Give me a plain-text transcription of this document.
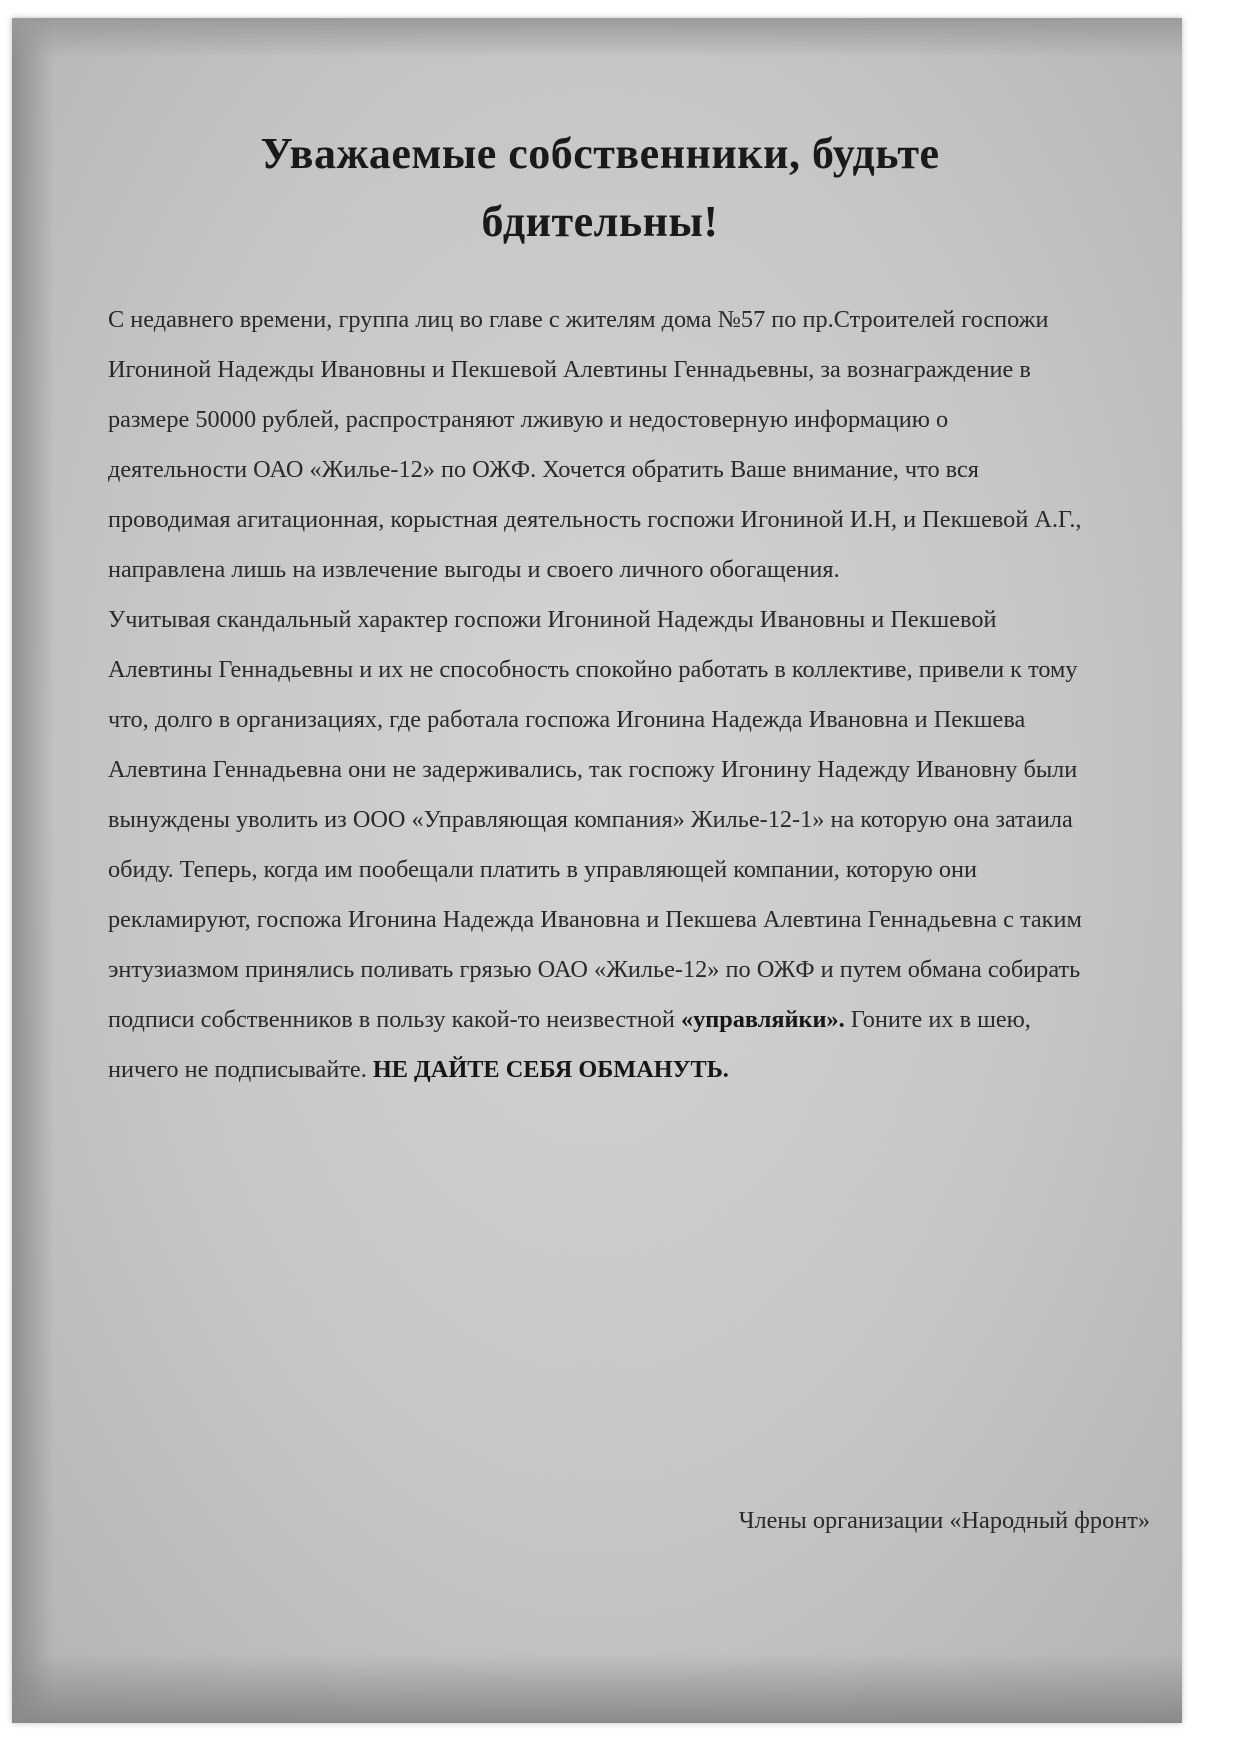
Уважаемые собственники, будьте
бдительны!

С недавнего времени, группа лиц во главе с жителям дома №57 по пр.Строителей госпожи Игониной Надежды Ивановны и Пекшевой Алевтины Геннадьевны, за вознаграждение в размере 50000 рублей, распространяют лживую и недостоверную информацию о деятельности ОАО «Жилье-12» по ОЖФ. Хочется обратить Ваше внимание, что вся проводимая агитационная, корыстная деятельность госпожи Игониной И.Н, и Пекшевой А.Г., направлена лишь на извлечение выгоды и своего личного обогащения.

Учитывая скандальный характер госпожи Игониной Надежды Ивановны и Пекшевой Алевтины Геннадьевны и их не способность спокойно работать в коллективе, привели к тому что, долго в организациях, где работала госпожа Игонина Надежда Ивановна и Пекшева Алевтина Геннадьевна они не задерживались, так госпожу Игонину Надежду Ивановну были вынуждены уволить из ООО «Управляющая компания» Жилье-12-1» на которую она затаила обиду. Теперь, когда им пообещали платить в управляющей компании, которую они рекламируют, госпожа Игонина Надежда Ивановна и Пекшева Алевтина Геннадьевна с таким энтузиазмом принялись поливать грязью ОАО «Жилье-12» по ОЖФ и путем обмана собирать подписи собственников в пользу какой-то неизвестной «управляйки». Гоните их в шею, ничего не подписывайте. НЕ ДАЙТЕ СЕБЯ ОБМАНУТЬ.

Члены организации «Народный фронт»
